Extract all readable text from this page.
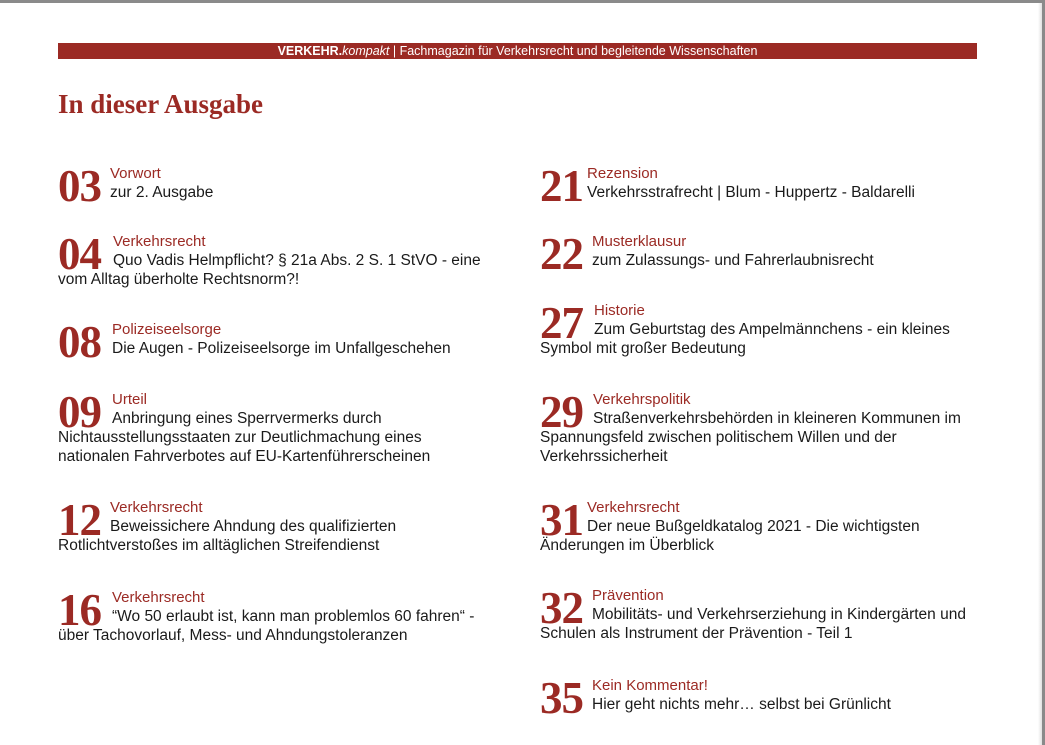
VERKEHR.kompakt | Fachmagazin für Verkehrsrecht und begleitende Wissenschaften
In dieser Ausgabe
03 Vorwort

zur 2. Ausgabe

04 Verkehrsrecht

Quo Vadis Helmpflicht? § 21a Abs. 2 S. 1 StVO - eine vom Alltag überholte Rechtsnorm?!

08 Polizeiseelsorge

Die Augen - Polizeiseelsorge im Unfallgeschehen

09 Urteil

Anbringung eines Sperrvermerks durch Nichtausstellungsstaaten zur Deutlichmachung eines nationalen Fahrverbotes auf EU-Kartenführerscheinen

12 Verkehrsrecht

Beweissichere Ahndung des qualifizierten Rotlichtverstoßes im alltäglichen Streifendienst

16 Verkehrsrecht

“Wo 50 erlaubt ist, kann man problemlos 60 fahren“ - über Tachovorlauf, Mess- und Ahndungstoleranzen

21 Rezension

Verkehrsstrafrecht | Blum - Huppertz - Baldarelli

22 Musterklausur

zum Zulassungs- und Fahrerlaubnisrecht

27 Historie

Zum Geburtstag des Ampelmännchens - ein kleines Symbol mit großer Bedeutung

29 Verkehrspolitik

Straßenverkehrsbehörden in kleineren Kommunen im Spannungsfeld zwischen politischem Willen und der Verkehrssicherheit

31 Verkehrsrecht

Der neue Bußgeldkatalog 2021 - Die wichtigsten Änderungen im Überblick

32 Prävention

Mobilitäts- und Verkehrserziehung in Kindergärten und Schulen als Instrument der Prävention - Teil 1

35 Kein Kommentar!

Hier geht nichts mehr… selbst bei Grünlicht
